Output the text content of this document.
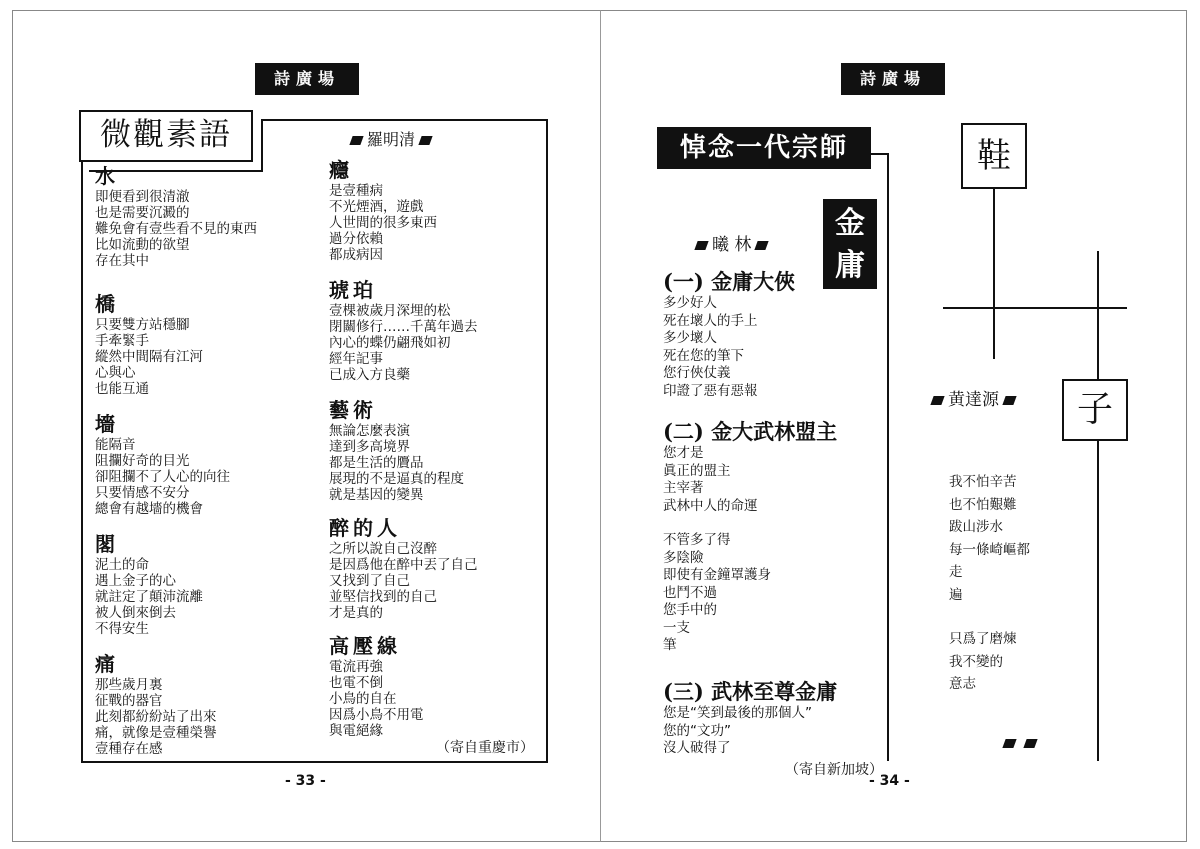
詩廣場
微觀素語	羅明清
水
即便看到很清澈
也是需要沉澱的
難免會有壹些看不見的東西
比如流動的欲望
存在其中
橋
只要雙方站穩腳
手牽緊手
縱然中間隔有江河
心與心
也能互通
墻
能隔音
阻攔好奇的目光
卻阻攔不了人心的向往
只要情感不安分
總會有越墻的機會
閣
泥土的命
遇上金子的心
就註定了顛沛流離
被人倒來倒去
不得安生
痛
那些歲月裏
征戰的器官
此刻都紛紛站了出來
痛，就像是壹種榮譽
壹種存在感
癮
是壹種病
不光煙酒，遊戲
人世間的很多東西
過分依賴
都成病因
琥珀
壹棵被歲月深埋的松
閉關修行……千萬年過去
內心的蝶仍翩飛如初
經年記事
已成入方良藥
藝術
無論怎麼表演
達到多高境界
都是生活的贗品
展現的不是逼真的程度
就是基因的變異
醉的人
之所以說自己沒醉
是因爲他在醉中丟了自己
又找到了自己
並堅信找到的自己
才是真的
高壓線
電流再強
也電不倒
小鳥的自在
因爲小鳥不用電
與電絕緣
（寄自重慶市）
- 33 -
詩廣場
悼念一代宗師
金
庸
曦 林
(一) 金庸大俠
多少好人
死在壞人的手上
多少壞人
死在您的筆下
您行俠仗義
印證了惡有惡報
(二) 金大武林盟主
您才是
眞正的盟主
主宰著
武林中人的命運
不管多了得
多陰險
即使有金鐘罩護身
也鬥不過
您手中的
一支
筆
(三) 武林至尊金庸
您是“笑到最後的那個人”
您的“文功”
沒人破得了
（寄自新加坡）
鞋
子
黄達源
我不怕辛苦
也不怕艱難
跋山涉水
每一條崎嶇都
走
遍
只爲了磨煉
我不變的
意志
- 34 -
